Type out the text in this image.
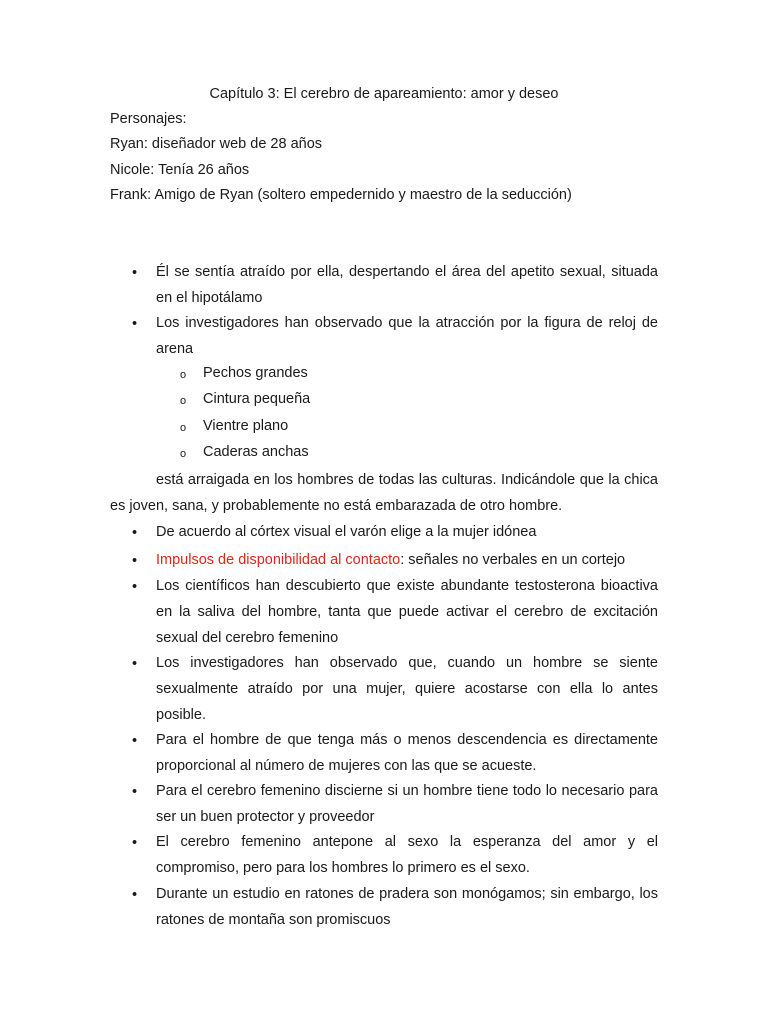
Capítulo 3: El cerebro de apareamiento: amor y deseo
Personajes:
Ryan: diseñador web de 28 años
Nicole: Tenía 26 años
Frank: Amigo de Ryan (soltero empedernido y maestro de la seducción)
• Él se sentía atraído por ella, despertando el área del apetito sexual, situada en el hipotálamo
• Los investigadores han observado que la atracción por la figura de reloj de arena
o Pechos grandes
o Cintura pequeña
o Vientre plano
o Caderas anchas
está arraigada en los hombres de todas las culturas. Indicándole que la chica es joven, sana, y probablemente no está embarazada de otro hombre.
• De acuerdo al córtex visual el varón elige a la mujer idónea
• Impulsos de disponibilidad al contacto: señales no verbales en un cortejo
• Los científicos han descubierto que existe abundante testosterona bioactiva en la saliva del hombre, tanta que puede activar el cerebro de excitación sexual del cerebro femenino
• Los investigadores han observado que, cuando un hombre se siente sexualmente atraído por una mujer, quiere acostarse con ella lo antes posible.
• Para el hombre de que tenga más o menos descendencia es directamente proporcional al número de mujeres con las que se acueste.
• Para el cerebro femenino discierne si un hombre tiene todo lo necesario para ser un buen protector y proveedor
• El cerebro femenino antepone al sexo la esperanza del amor y el compromiso, pero para los hombres lo primero es el sexo.
• Durante un estudio en ratones de pradera son monógamos; sin embargo, los ratones de montaña son promiscuos
